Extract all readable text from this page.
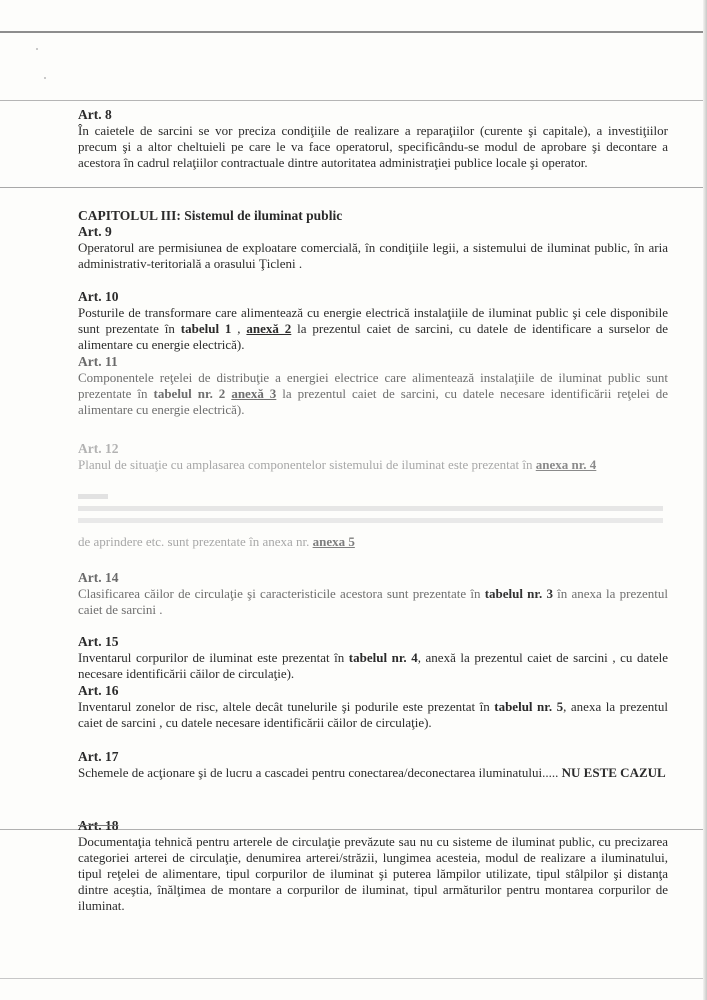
Art. 8
În caietele de sarcini se vor preciza condiţiile de realizare a reparaţiilor (curente şi capitale), a investiţiilor precum şi a altor cheltuieli pe care le va face operatorul, specificându-se modul de aprobare şi decontare a acestora în cadrul relaţiilor contractuale dintre autoritatea administraţiei publice locale şi operator.
CAPITOLUL III: Sistemul de iluminat public
Art. 9
Operatorul are permisiunea de exploatare comercială, în condiţiile legii, a sistemului de iluminat public, în aria administrativ-teritorială a orasului Ţicleni .
Art. 10
Posturile de transformare care alimentează cu energie electrică instalaţiile de iluminat public şi cele disponibile sunt prezentate în tabelul 1 , anexă 2 la prezentul caiet de sarcini, cu datele de identificare a surselor de alimentare cu energie electrică).
Art. 11
Componentele reţelei de distribuţie a energiei electrice care alimentează instalaţiile de iluminat public sunt prezentate în tabelul nr. 2 anexă 3 la prezentul caiet de sarcini, cu datele necesare identificării reţelei de alimentare cu energie electrică).
Art. 12
Planul de situaţie cu amplasarea componentelor sistemului de iluminat este prezentat în anexa nr. 4
de aprindere etc. sunt prezentate în anexa nr. anexa 5
Art. 14
Clasificarea căilor de circulaţie şi caracteristicile acestora sunt prezentate în tabelul nr. 3 în anexa la prezentul caiet de sarcini .
Art. 15
Inventarul corpurilor de iluminat este prezentat în tabelul nr. 4, anexă la prezentul caiet de sarcini , cu datele necesare identificării căilor de circulaţie).
Art. 16
Inventarul zonelor de risc, altele decât tunelurile şi podurile este prezentat în tabelul nr. 5, anexa la prezentul caiet de sarcini , cu datele necesare identificării căilor de circulaţie).
Art. 17
Schemele de acţionare şi de lucru a cascadei pentru conectarea/deconectarea iluminatului..... NU ESTE CAZUL
Art. 18
Documentaţia tehnică pentru arterele de circulaţie prevăzute sau nu cu sisteme de iluminat public, cu precizarea categoriei arterei de circulaţie, denumirea arterei/străzii, lungimea acesteia, modul de realizare a iluminatului, tipul reţelei de alimentare, tipul corpurilor de iluminat şi puterea lămpilor utilizate, tipul stâlpilor şi distanţa dintre aceştia, înălţimea de montare a corpurilor de iluminat, tipul armăturilor pentru montarea corpurilor de iluminat.
